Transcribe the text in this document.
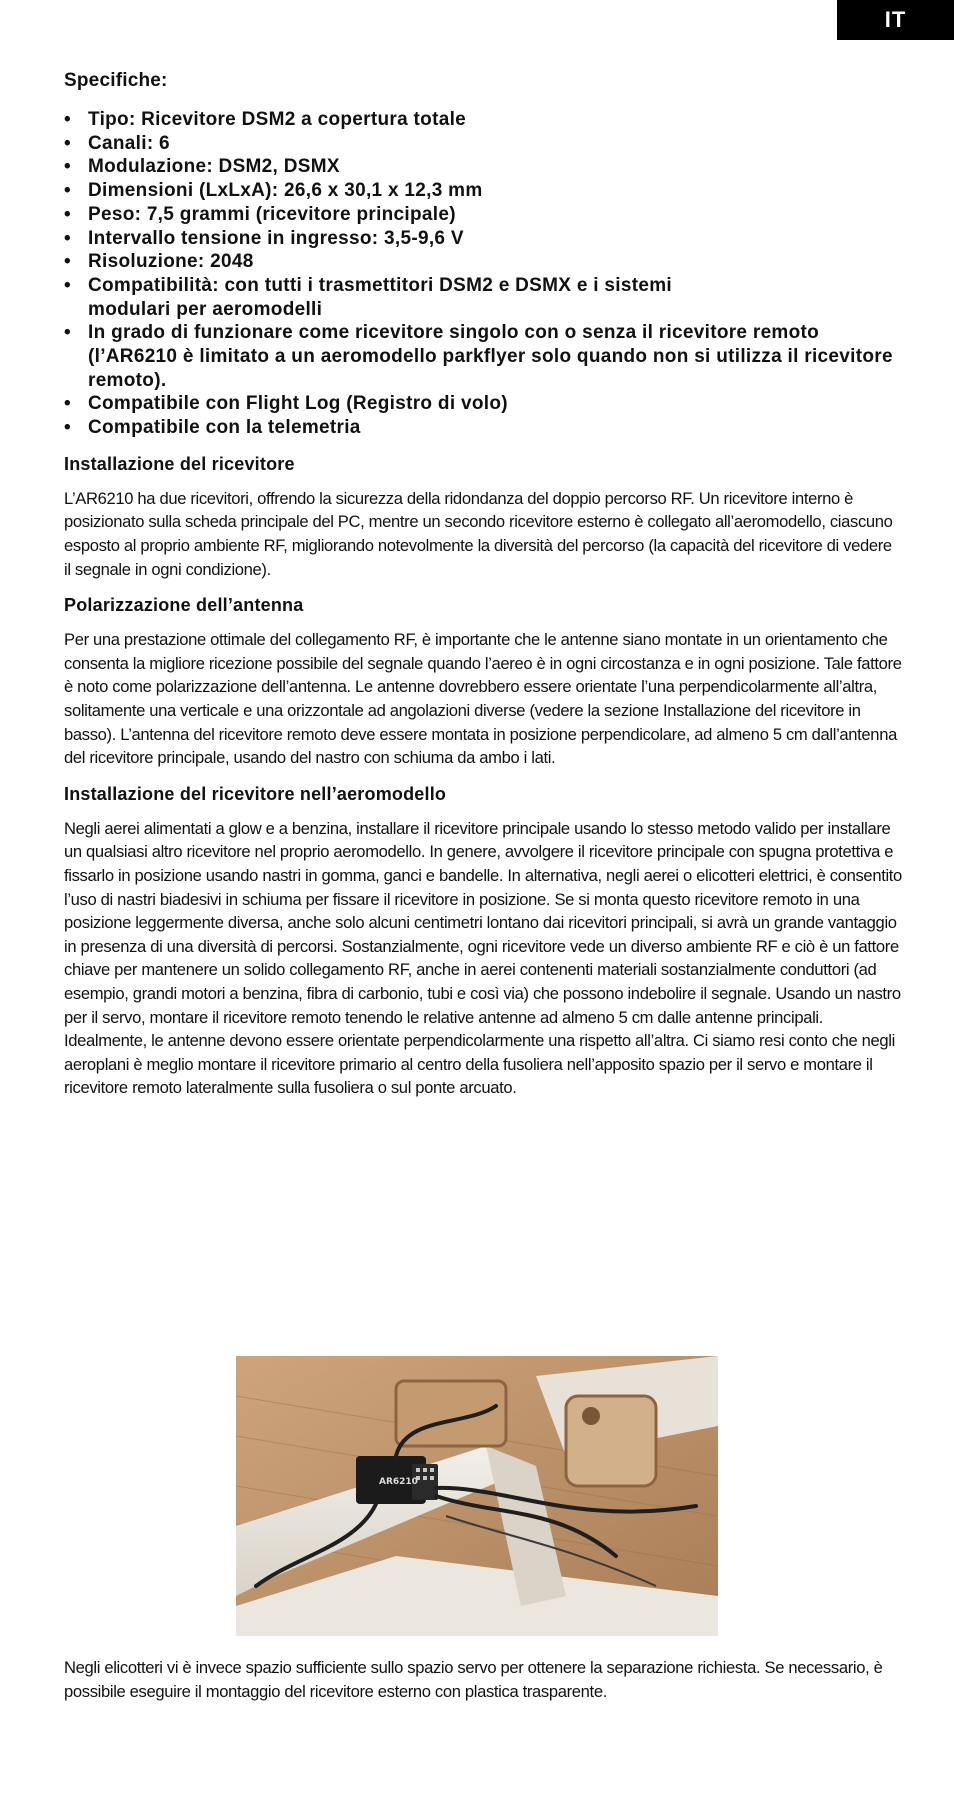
IT
Specifiche:
• Tipo: Ricevitore DSM2 a copertura totale
• Canali: 6
• Modulazione: DSM2, DSMX
• Dimensioni (LxLxA): 26,6 x 30,1 x 12,3 mm
• Peso: 7,5 grammi (ricevitore principale)
• Intervallo tensione in ingresso: 3,5-9,6 V
• Risoluzione: 2048
• Compatibilità: con tutti i trasmettitori DSM2 e DSMX e i sistemi modulari per aeromodelli
• In grado di funzionare come ricevitore singolo con o senza il ricevitore remoto (l’AR6210 è limitato a un aeromodello parkflyer solo quando non si utilizza il ricevitore remoto).
• Compatibile con Flight Log (Registro di volo)
• Compatibile con la telemetria
Installazione del ricevitore
L’AR6210 ha due ricevitori, offrendo la sicurezza della ridondanza del doppio percorso RF. Un ricevitore interno è posizionato sulla scheda principale del PC, mentre un secondo ricevitore esterno è collegato all’aeromodello, ciascuno esposto al proprio ambiente RF, migliorando notevolmente la diversità del percorso (la capacità del ricevitore di vedere il segnale in ogni condizione).
Polarizzazione dell’antenna
Per una prestazione ottimale del collegamento RF, è importante che le antenne siano montate in un orientamento che consenta la migliore ricezione possibile del segnale quando l’aereo è in ogni circostanza e in ogni posizione. Tale fattore è noto come polarizzazione dell’antenna. Le antenne dovrebbero essere orientate l’una perpendicolarmente all’altra, solitamente una verticale e una orizzontale ad angolazioni diverse (vedere la sezione Installazione del ricevitore in basso). L’antenna del ricevitore remoto deve essere montata in posizione perpendicolare, ad almeno 5 cm dall’antenna del ricevitore principale, usando del nastro con schiuma da ambo i lati.
Installazione del ricevitore nell’aeromodello
Negli aerei alimentati a glow e a benzina, installare il ricevitore principale usando lo stesso metodo valido per installare un qualsiasi altro ricevitore nel proprio aeromodello. In genere, avvolgere il ricevitore principale con spugna protettiva e fissarlo in posizione usando nastri in gomma, ganci e bandelle. In alternativa, negli aerei o elicotteri elettrici, è consentito l’uso di nastri biadesivi in schiuma per fissare il ricevitore in posizione. Se si monta questo ricevitore remoto in una posizione leggermente diversa, anche solo alcuni centimetri lontano dai ricevitori principali, si avrà un grande vantaggio in presenza di una diversità di percorsi. Sostanzialmente, ogni ricevitore vede un diverso ambiente RF e ciò è un fattore chiave per mantenere un solido collegamento RF, anche in aerei contenenti materiali sostanzialmente conduttori (ad esempio, grandi motori a benzina, fibra di carbonio, tubi e così via) che possono indebolire il segnale. Usando un nastro per il servo, montare il ricevitore remoto tenendo le relative antenne ad almeno 5 cm dalle antenne principali. Idealmente, le antenne devono essere orientate perpendicolarmente una rispetto all’altra. Ci siamo resi conto che negli aeroplani è meglio montare il ricevitore primario al centro della fusoliera nell’apposito spazio per il servo e montare il ricevitore remoto lateralmente sulla fusoliera o sul ponte arcuato.
AR6210
Negli elicotteri vi è invece spazio sufficiente sullo spazio servo per ottenere la separazione richiesta. Se necessario, è possibile eseguire il montaggio del ricevitore esterno con plastica trasparente.
